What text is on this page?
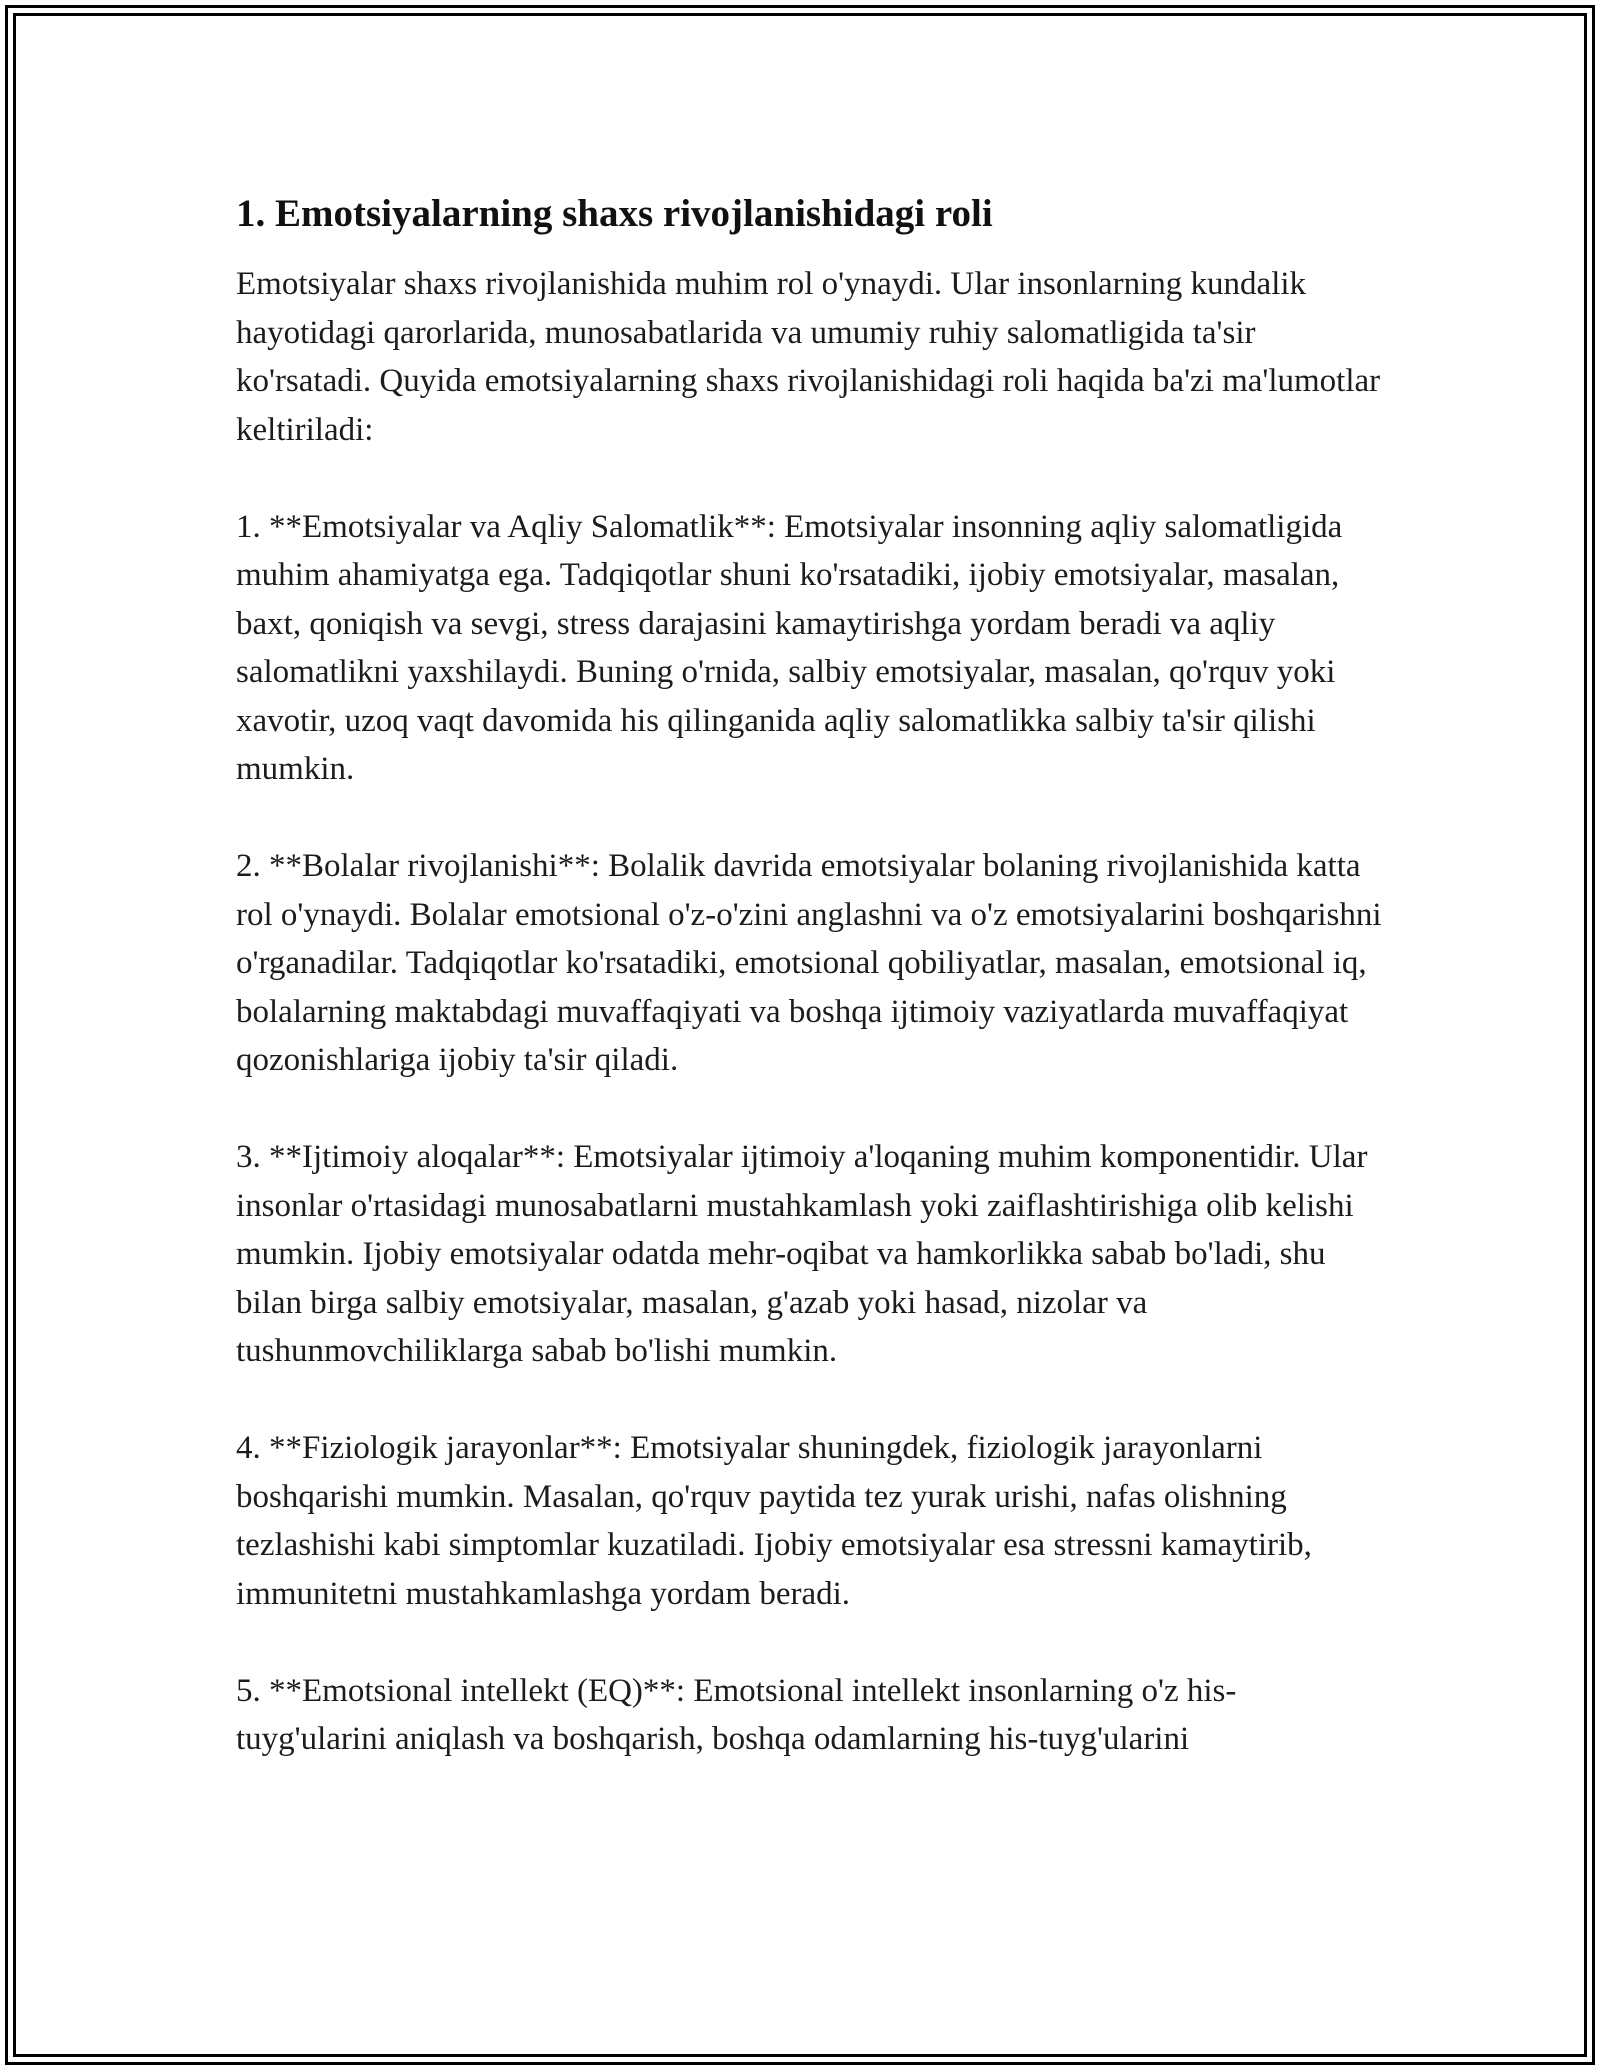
1. Emotsiyalarning shaxs rivojlanishidagi roli

Emotsiyalar shaxs rivojlanishida muhim rol o'ynaydi. Ular insonlarning kundalik hayotidagi qarorlarida, munosabatlarida va umumiy ruhiy salomatligida ta'sir ko'rsatadi. Quyida emotsiyalarning shaxs rivojlanishidagi roli haqida ba'zi ma'lumotlar keltiriladi:

1. **Emotsiyalar va Aqliy Salomatlik**: Emotsiyalar insonning aqliy salomatligida muhim ahamiyatga ega. Tadqiqotlar shuni ko'rsatadiki, ijobiy emotsiyalar, masalan, baxt, qoniqish va sevgi, stress darajasini kamaytirishga yordam beradi va aqliy salomatlikni yaxshilaydi. Buning o'rnida, salbiy emotsiyalar, masalan, qo'rquv yoki xavotir, uzoq vaqt davomida his qilinganida aqliy salomatlikka salbiy ta'sir qilishi mumkin.

2. **Bolalar rivojlanishi**: Bolalik davrida emotsiyalar bolaning rivojlanishida katta rol o'ynaydi. Bolalar emotsional o'z-o'zini anglashni va o'z emotsiyalarini boshqarishni o'rganadilar. Tadqiqotlar ko'rsatadiki, emotsional qobiliyatlar, masalan, emotsional iq, bolalarning maktabdagi muvaffaqiyati va boshqa ijtimoiy vaziyatlarda muvaffaqiyat qozonishlariga ijobiy ta'sir qiladi.

3. **Ijtimoiy aloqalar**: Emotsiyalar ijtimoiy a'loqaning muhim komponentidir. Ular insonlar o'rtasidagi munosabatlarni mustahkamlash yoki zaiflashtirishiga olib kelishi mumkin. Ijobiy emotsiyalar odatda mehr-oqibat va hamkorlikka sabab bo'ladi, shu bilan birga salbiy emotsiyalar, masalan, g'azab yoki hasad, nizolar va tushunmovchiliklarga sabab bo'lishi mumkin.

4. **Fiziologik jarayonlar**: Emotsiyalar shuningdek, fiziologik jarayonlarni boshqarishi mumkin. Masalan, qo'rquv paytida tez yurak urishi, nafas olishning tezlashishi kabi simptomlar kuzatiladi. Ijobiy emotsiyalar esa stressni kamaytirib, immunitetni mustahkamlashga yordam beradi.

5. **Emotsional intellekt (EQ)**: Emotsional intellekt insonlarning o'z his-tuyg'ularini aniqlash va boshqarish, boshqa odamlarning his-tuyg'ularini
